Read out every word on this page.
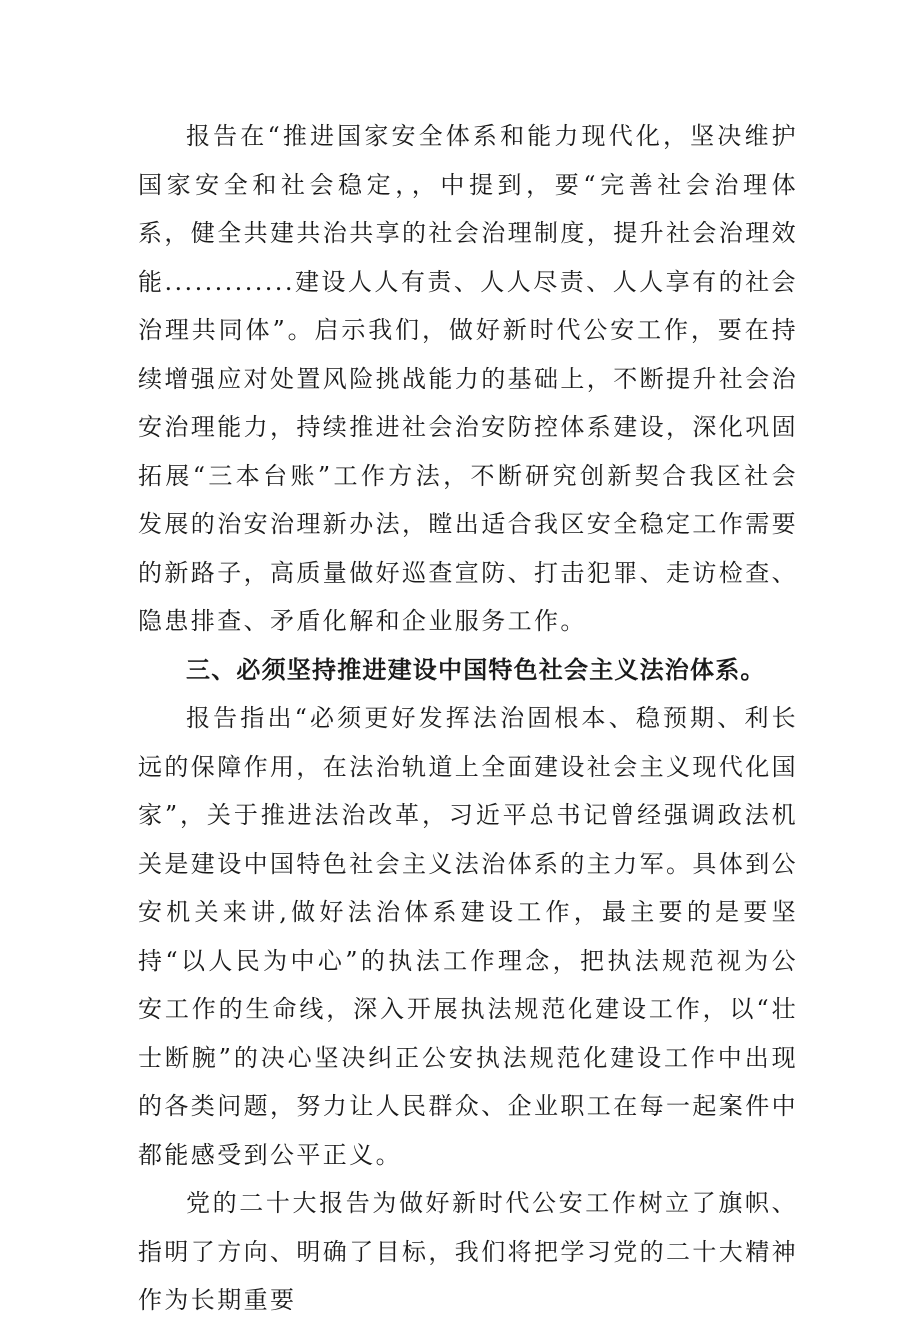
报告在“推进国家安全体系和能力现代化，坚决维护国家安全和社会稳定，，中提到，要“完善社会治理体系，健全共建共治共享的社会治理制度，提升社会治理效能.............建设人人有责、人人尽责、人人享有的社会治理共同体”。启示我们，做好新时代公安工作，要在持续增强应对处置风险挑战能力的基础上，不断提升社会治安治理能力，持续推进社会治安防控体系建设，深化巩固拓展“三本台账”工作方法，不断研究创新契合我区社会发展的治安治理新办法，瞠出适合我区安全稳定工作需要的新路子，高质量做好巡查宣防、打击犯罪、走访检查、隐患排查、矛盾化解和企业服务工作。

三、必须坚持推进建设中国特色社会主义法治体系。

报告指出“必须更好发挥法治固根本、稳预期、利长远的保障作用，在法治轨道上全面建设社会主义现代化国家”，关于推进法治改革，习近平总书记曾经强调政法机关是建设中国特色社会主义法治体系的主力军。具体到公安机关来讲,做好法治体系建设工作，最主要的是要坚持“以人民为中心”的执法工作理念，把执法规范视为公安工作的生命线，深入开展执法规范化建设工作，以“壮士断腕”的决心坚决纠正公安执法规范化建设工作中出现的各类问题，努力让人民群众、企业职工在每一起案件中都能感受到公平正义。

党的二十大报告为做好新时代公安工作树立了旗帜、指明了方向、明确了目标，我们将把学习党的二十大精神作为长期重要
